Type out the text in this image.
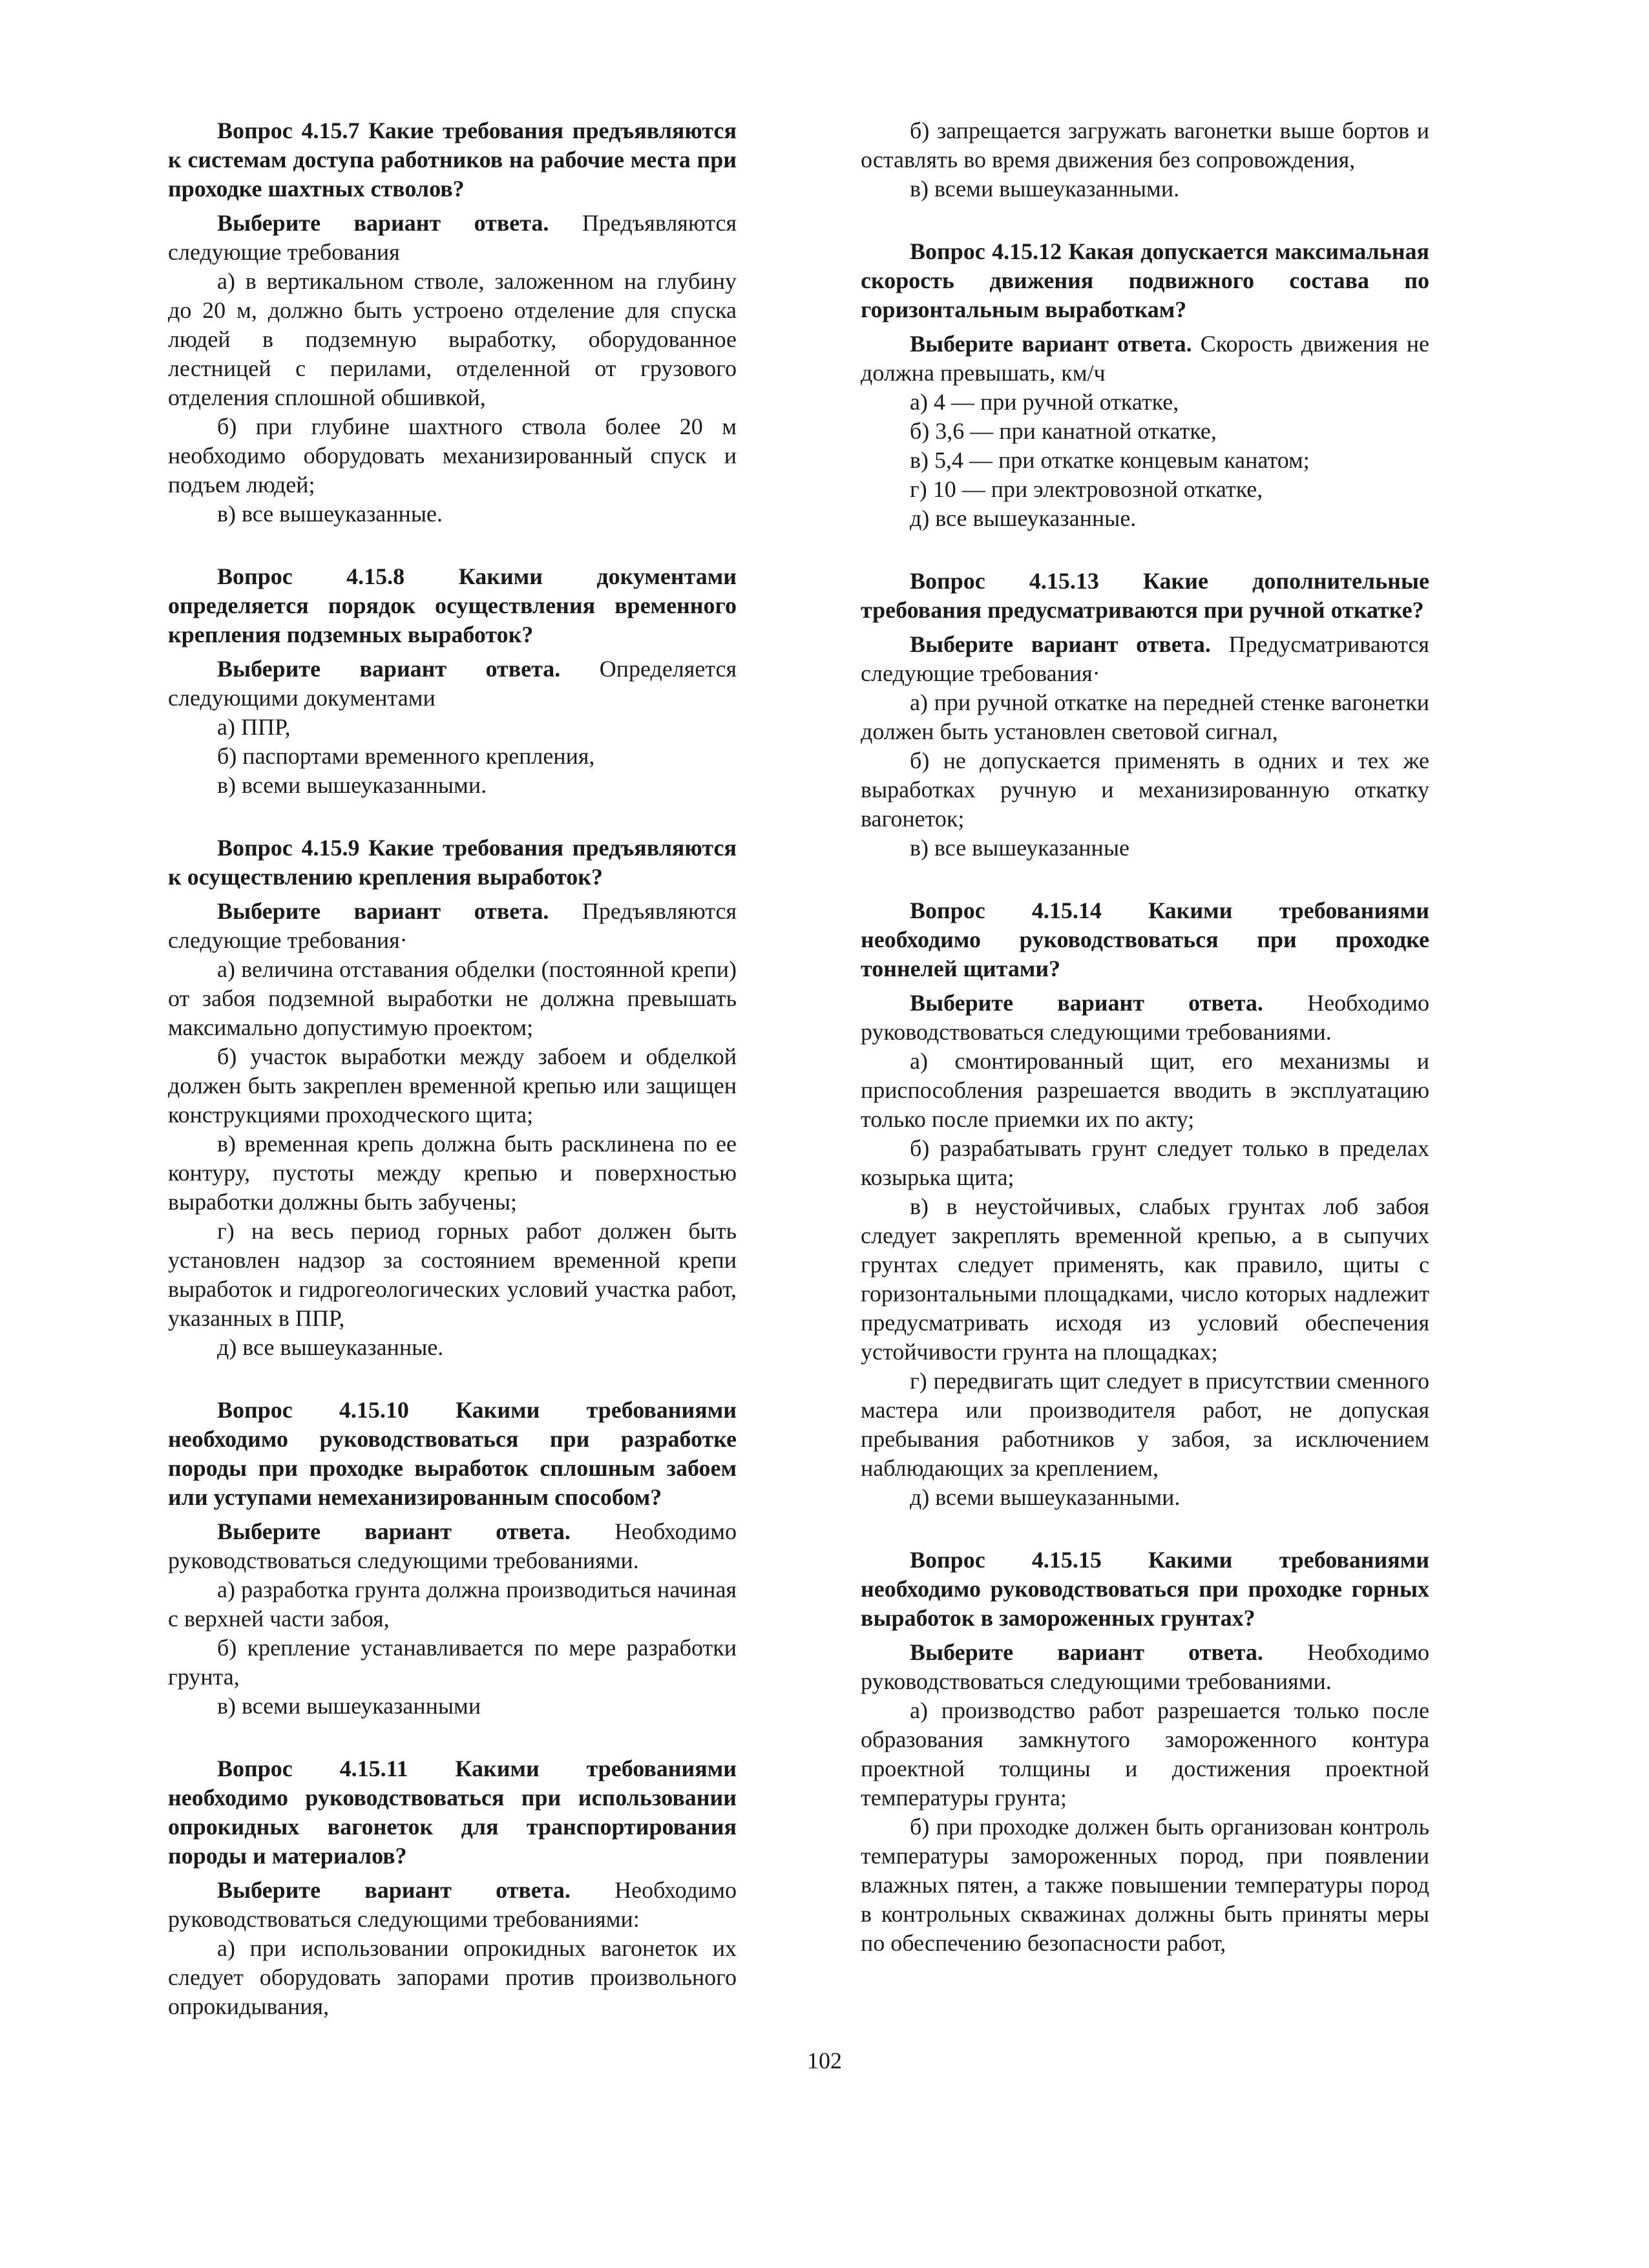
Вопрос 4.15.7 Какие требования предъявляются к системам доступа работников на рабочие места при проходке шахтных стволов?

Выберите вариант ответа. Предъявляются следующие требования

а) в вертикальном стволе, заложенном на глубину до 20 м, должно быть устроено отделение для спуска людей в подземную выработку, оборудованное лестницей с перилами, отделенной от грузового отделения сплошной обшивкой,

б) при глубине шахтного ствола более 20 м необходимо оборудовать механизированный спуск и подъем людей;

в) все вышеуказанные.

Вопрос 4.15.8 Какими документами определяется порядок осуществления временного крепления подземных выработок?

Выберите вариант ответа. Определяется следующими документами

а) ППР,

б) паспортами временного крепления,

в) всеми вышеуказанными.

Вопрос 4.15.9 Какие требования предъявляются к осуществлению крепления выработок?

Выберите вариант ответа. Предъявляются следующие требования·

а) величина отставания обделки (постоянной крепи) от забоя подземной выработки не должна превышать максимально допустимую проектом;

б) участок выработки между забоем и обделкой должен быть закреплен временной крепью или защищен конструкциями проходческого щита;

в) временная крепь должна быть расклинена по ее контуру, пустоты между крепью и поверхностью выработки должны быть забучены;

г) на весь период горных работ должен быть установлен надзор за состоянием временной крепи выработок и гидрогеологических условий участка работ, указанных в ППР,

д) все вышеуказанные.

Вопрос 4.15.10 Какими требованиями необходимо руководствоваться при разработке породы при проходке выработок сплошным забоем или уступами немеханизированным способом?

Выберите вариант ответа. Необходимо руководствоваться следующими требованиями.

а) разработка грунта должна производиться начиная с верхней части забоя,

б) крепление устанавливается по мере разработки грунта,

в) всеми вышеуказанными

Вопрос 4.15.11 Какими требованиями необходимо руководствоваться при использовании опрокидных вагонеток для транспортирования породы и материалов?

Выберите вариант ответа. Необходимо руководствоваться следующими требованиями:

а) при использовании опрокидных вагонеток их следует оборудовать запорами против произвольного опрокидывания,

б) запрещается загружать вагонетки выше бортов и оставлять во время движения без сопровождения,

в) всеми вышеуказанными.

Вопрос 4.15.12 Какая допускается максимальная скорость движения подвижного состава по горизонтальным выработкам?

Выберите вариант ответа. Скорость движения не должна превышать, км/ч

а) 4 — при ручной откатке,

б) 3,6 — при канатной откатке,

в) 5,4 — при откатке концевым канатом;

г) 10 — при электровозной откатке,

д) все вышеуказанные.

Вопрос 4.15.13 Какие дополнительные требования предусматриваются при ручной откатке?

Выберите вариант ответа. Предусматриваются следующие требования·

а) при ручной откатке на передней стенке вагонетки должен быть установлен световой сигнал,

б) не допускается применять в одних и тех же выработках ручную и механизированную откатку вагонеток;

в) все вышеуказанные

Вопрос 4.15.14 Какими требованиями необходимо руководствоваться при проходке тоннелей щитами?

Выберите вариант ответа. Необходимо руководствоваться следующими требованиями.

а) смонтированный щит, его механизмы и приспособления разрешается вводить в эксплуатацию только после приемки их по акту;

б) разрабатывать грунт следует только в пределах козырька щита;

в) в неустойчивых, слабых грунтах лоб забоя следует закреплять временной крепью, а в сыпучих грунтах следует применять, как правило, щиты с горизонтальными площадками, число которых надлежит предусматривать исходя из условий обеспечения устойчивости грунта на площадках;

г) передвигать щит следует в присутствии сменного мастера или производителя работ, не допуская пребывания работников у забоя, за исключением наблюдающих за креплением,

д) всеми вышеуказанными.

Вопрос 4.15.15 Какими требованиями необходимо руководствоваться при проходке горных выработок в замороженных грунтах?

Выберите вариант ответа. Необходимо руководствоваться следующими требованиями.

а) производство работ разрешается только после образования замкнутого замороженного контура проектной толщины и достижения проектной температуры грунта;

б) при проходке должен быть организован контроль температуры замороженных пород, при появлении влажных пятен, а также повышении температуры пород в контрольных скважинах должны быть приняты меры по обеспечению безопасности работ,

102
